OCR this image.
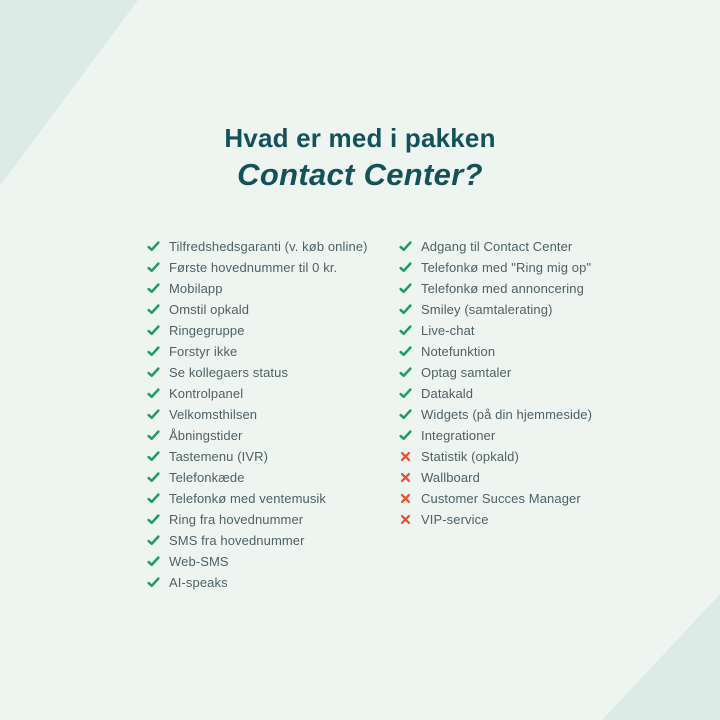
Hvad er med i pakken
Contact Center?
Tilfredshedsgaranti (v. køb online)
Første hovednummer til 0 kr.
Mobilapp
Omstil opkald
Ringegruppe
Forstyr ikke
Se kollegaers status
Kontrolpanel
Velkomsthilsen
Åbningstider
Tastemenu (IVR)
Telefonkæde
Telefonkø med ventemusik
Ring fra hovednummer
SMS fra hovednummer
Web-SMS
AI-speaks
Adgang til Contact Center
Telefonkø med "Ring mig op"
Telefonkø med annoncering
Smiley (samtalerating)
Live-chat
Notefunktion
Optag samtaler
Datakald
Widgets (på din hjemmeside)
Integrationer
Statistik (opkald)
Wallboard
Customer Succes Manager
VIP-service
